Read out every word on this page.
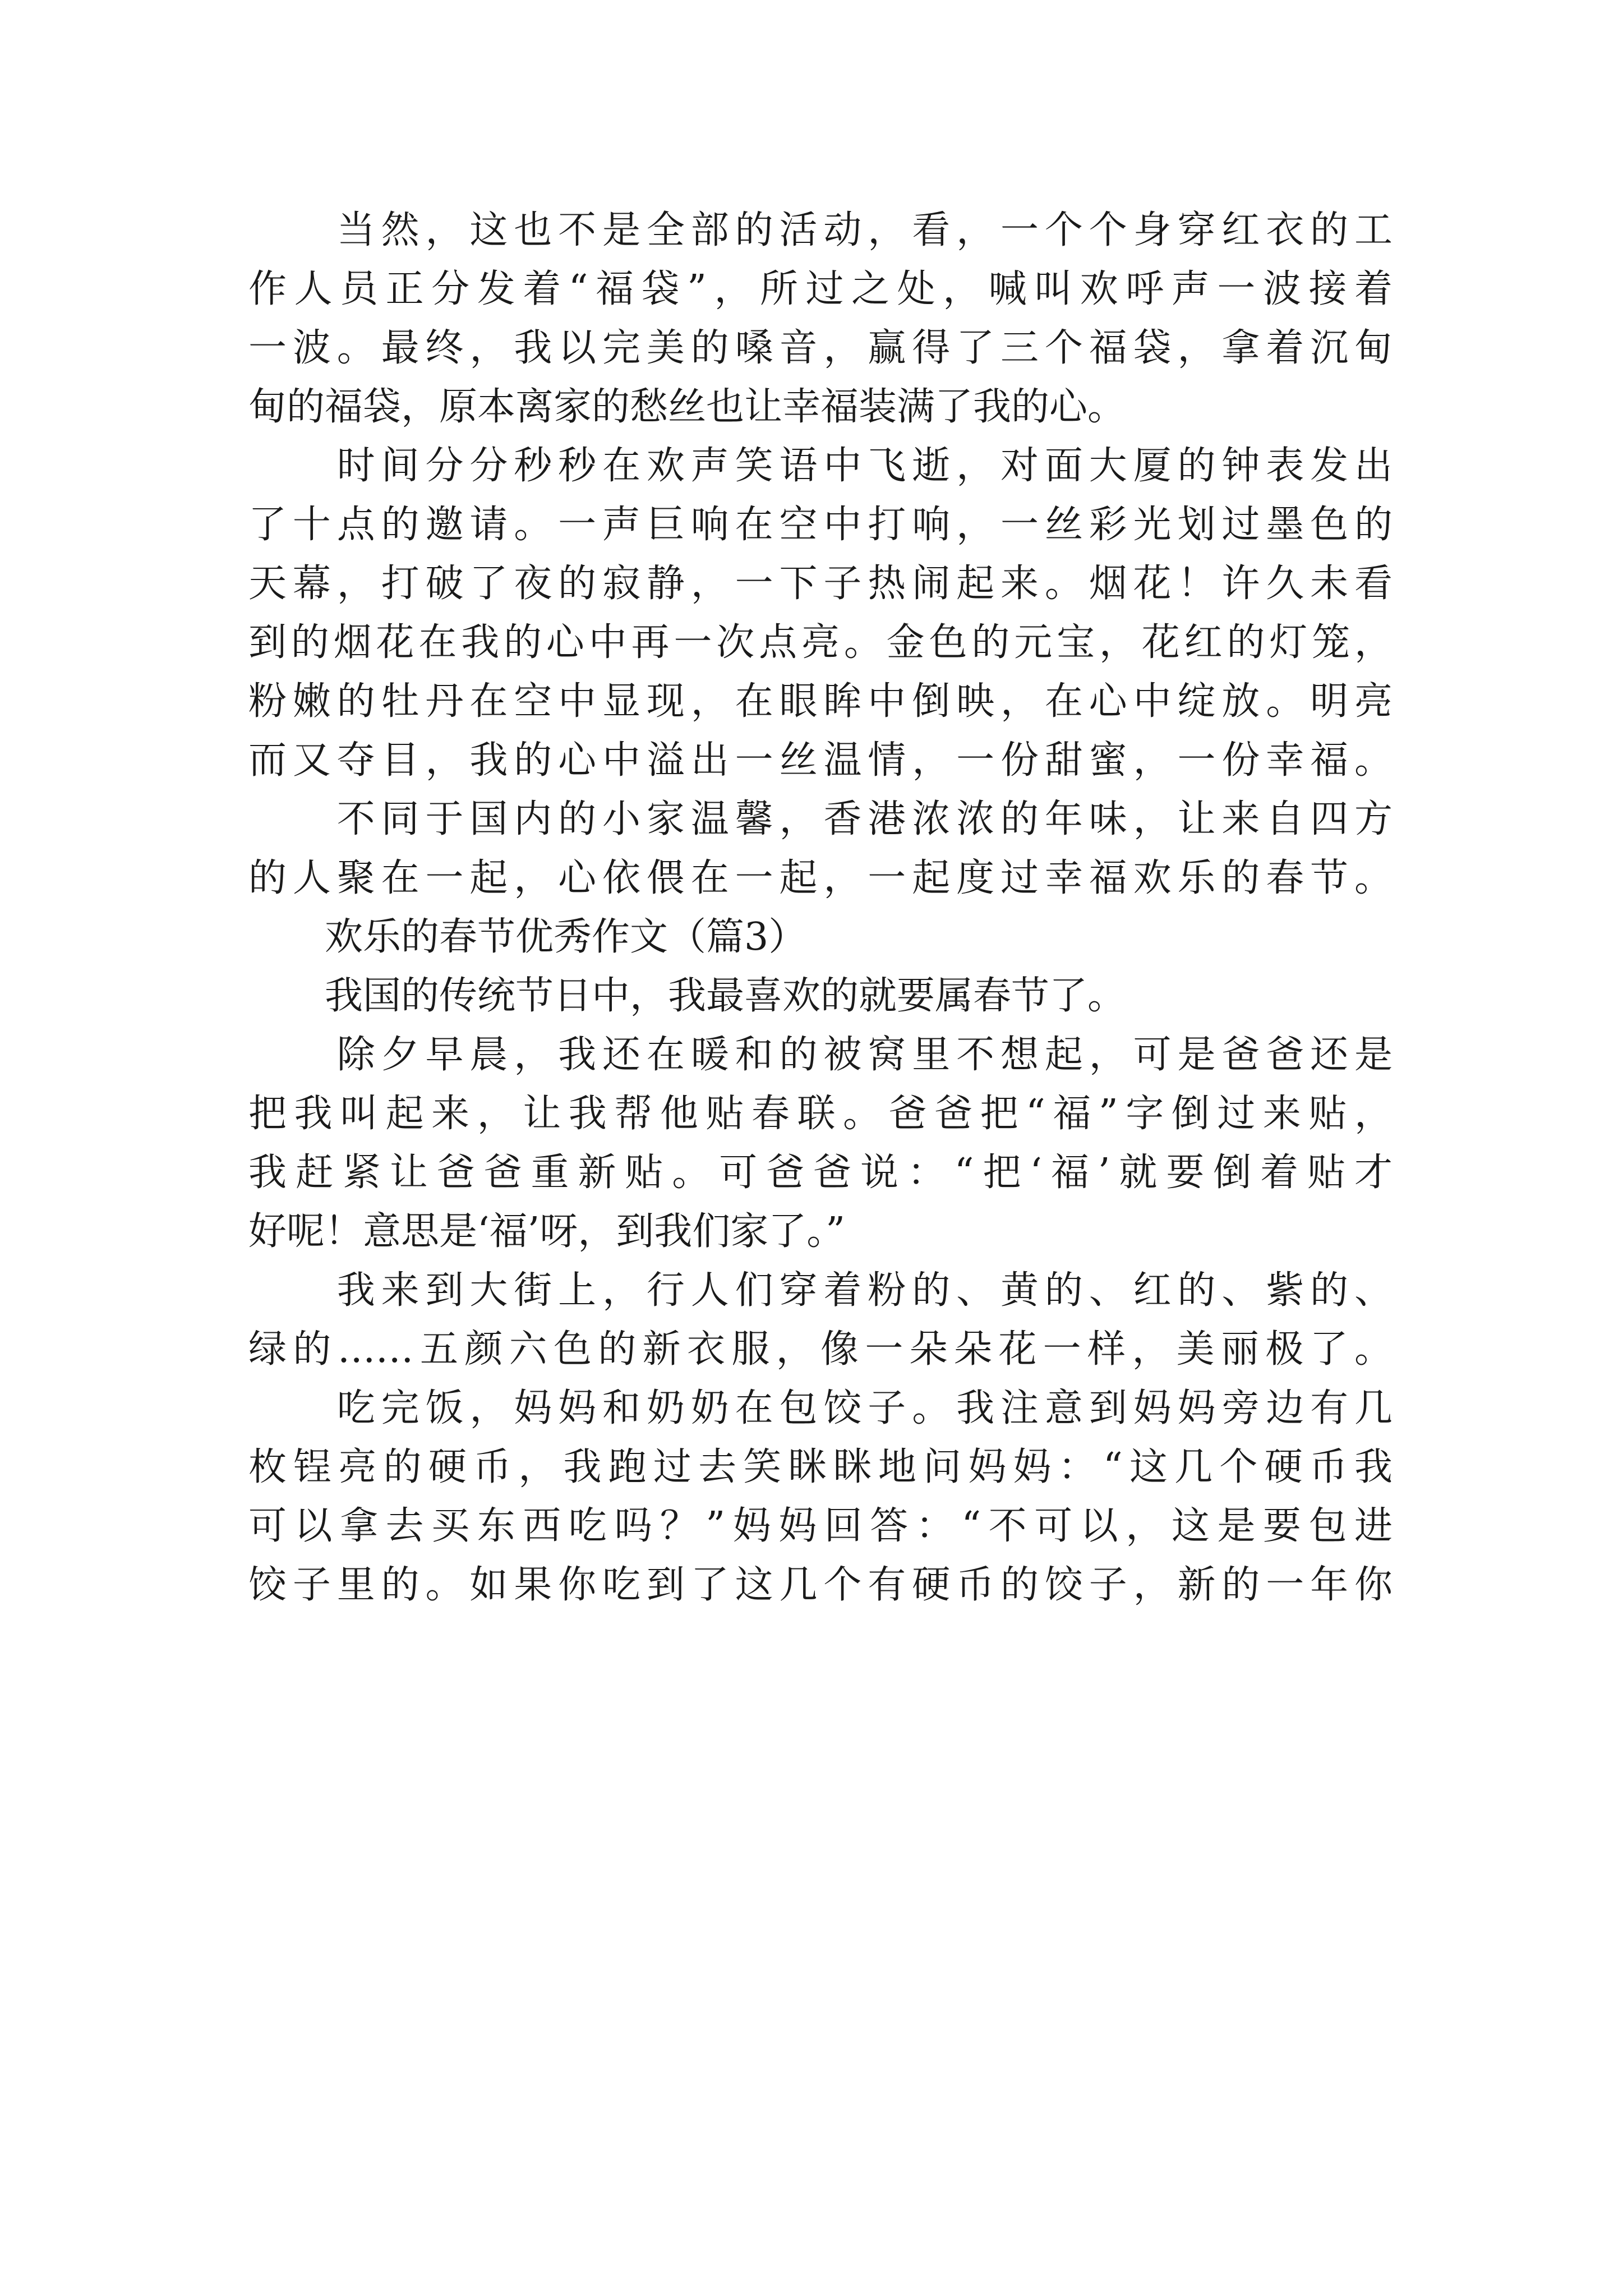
　　当然，这也不是全部的活动，看，一个个身穿红衣的工
作人员正分发着“福袋”，所过之处，喊叫欢呼声一波接着
一波。最终，我以完美的嗓音，赢得了三个福袋，拿着沉甸
甸的福袋，原本离家的愁丝也让幸福装满了我的心。
　　时间分分秒秒在欢声笑语中飞逝，对面大厦的钟表发出
了十点的邀请。一声巨响在空中打响，一丝彩光划过墨色的
天幕，打破了夜的寂静，一下子热闹起来。烟花！许久未看
到的烟花在我的心中再一次点亮。金色的元宝，花红的灯笼，
粉嫩的牡丹在空中显现，在眼眸中倒映，在心中绽放。明亮
而又夺目，我的心中溢出一丝温情，一份甜蜜，一份幸福。
　　不同于国内的小家温馨，香港浓浓的年味，让来自四方
的人聚在一起，心依偎在一起，一起度过幸福欢乐的春节。
　　欢乐的春节优秀作文（篇3）
　　我国的传统节日中，我最喜欢的就要属春节了。
　　除夕早晨，我还在暖和的被窝里不想起，可是爸爸还是
把我叫起来，让我帮他贴春联。爸爸把“福”字倒过来贴，
我赶紧让爸爸重新贴。可爸爸说：“把‘福’就要倒着贴才
好呢！意思是‘福’呀，到我们家了。”
　　我来到大街上，行人们穿着粉的、黄的、红的、紫的、
绿的……五颜六色的新衣服，像一朵朵花一样，美丽极了。
　　吃完饭，妈妈和奶奶在包饺子。我注意到妈妈旁边有几
枚锃亮的硬币，我跑过去笑眯眯地问妈妈：“这几个硬币我
可以拿去买东西吃吗？”妈妈回答：“不可以，这是要包进
饺子里的。如果你吃到了这几个有硬币的饺子，新的一年你
